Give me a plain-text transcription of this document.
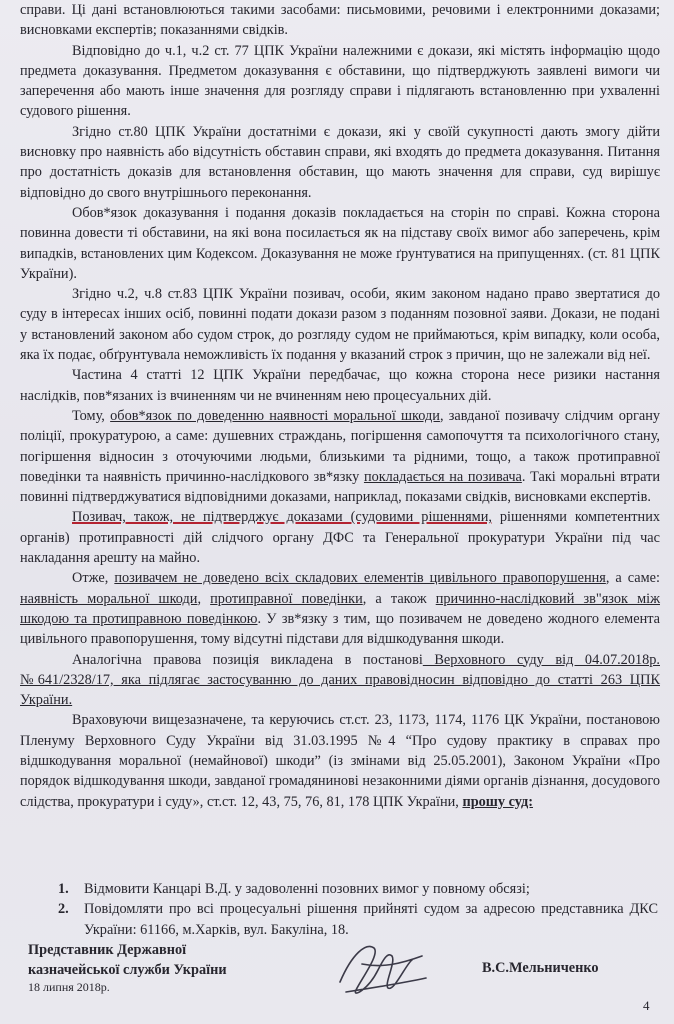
справи. Ці дані встановлюються такими засобами: письмовими, речовими і електронними доказами; висновками експертів; показаннями свідків.

Відповідно до ч.1, ч.2 ст. 77 ЦПК України належними є докази, які містять інформацію щодо предмета доказування. Предметом доказування є обставини, що підтверджують заявлені вимоги чи заперечення або мають інше значення для розгляду справи і підлягають встановленню при ухваленні судового рішення.

Згідно ст.80 ЦПК України достатніми є докази, які у своїй сукупності дають змогу дійти висновку про наявність або відсутність обставин справи, які входять до предмета доказування. Питання про достатність доказів для встановлення обставин, що мають значення для справи, суд вирішує відповідно до свого внутрішнього переконання.

Обов*язок доказування і подання доказів покладається на сторін по справі. Кожна сторона повинна довести ті обставини, на які вона посилається як на підставу своїх вимог або заперечень, крім випадків, встановлених цим Кодексом. Доказування не може ґрунтуватися на припущеннях. (ст. 81 ЦПК України).

Згідно ч.2, ч.8 ст.83 ЦПК України позивач, особи, яким законом надано право звертатися до суду в інтересах інших осіб, повинні подати докази разом з поданням позовної заяви. Докази, не подані у встановлений законом або судом строк, до розгляду судом не приймаються, крім випадку, коли особа, яка їх подає, обґрунтувала неможливість їх подання у вказаний строк з причин, що не залежали від неї.

Частина 4 статті 12 ЦПК України передбачає, що кожна сторона несе ризики настання наслідків, пов*язаних із вчиненням чи не вчиненням нею процесуальних дій.

Тому, обов*язок по доведенню наявності моральної шкоди, завданої позивачу слідчим органу поліції, прокуратурою, а саме: душевних страждань, погіршення самопочуття та психологічного стану, погіршення відносин з оточуючими людьми, близькими та рідними, тощо, а також протиправної поведінки та наявність причинно-наслідкового зв*язку покладається на позивача. Такі моральні втрати повинні підтверджуватися відповідними доказами, наприклад, показами свідків, висновками експертів.

Позивач, також, не підтверджує доказами (судовими рішеннями, рішеннями компетентних органів) протиправності дій слідчого органу ДФС та Генеральної прокуратури України під час накладання арешту на майно.

Отже, позивачем не доведено всіх складових елементів цивільного правопорушення, а саме: наявність моральної шкоди, протиправної поведінки, а також причинно-наслідковий зв"язок між шкодою та протиправною поведінкою. У зв*язку з тим, що позивачем не доведено жодного елемента цивільного правопорушення, тому відсутні підстави для відшкодування шкоди.

Аналогічна правова позиція викладена в постанові Верховного суду від 04.07.2018р. №641/2328/17, яка підлягає застосуванню до даних правовідносин відповідно до статті 263 ЦПК України.

Враховуючи вищезазначене, та керуючись ст.ст. 23, 1173, 1174, 1176 ЦК України, постановою Пленуму Верховного Суду України від 31.03.1995 №4 “Про судову практику в справах про відшкодування моральної (немайнової) шкоди” (із змінами від 25.05.2001), Законом України «Про порядок відшкодування шкоди, завданої громадянинові незаконними діями органів дізнання, досудового слідства, прокуратури і суду», ст.ст. 12, 43, 75, 76, 81, 178 ЦПК України, прошу суд:

1.	Відмовити Канцарі В.Д. у задоволенні позовних вимог у повному обсязі;
2.	Повідомляти про всі процесуальні рішення прийняті судом за адресою представника ДКС України: 61166, м.Харків, вул. Бакуліна, 18.
Представник Державної
казначейської служби України
18 липня 2018р.
В.С.Мельниченко
4
